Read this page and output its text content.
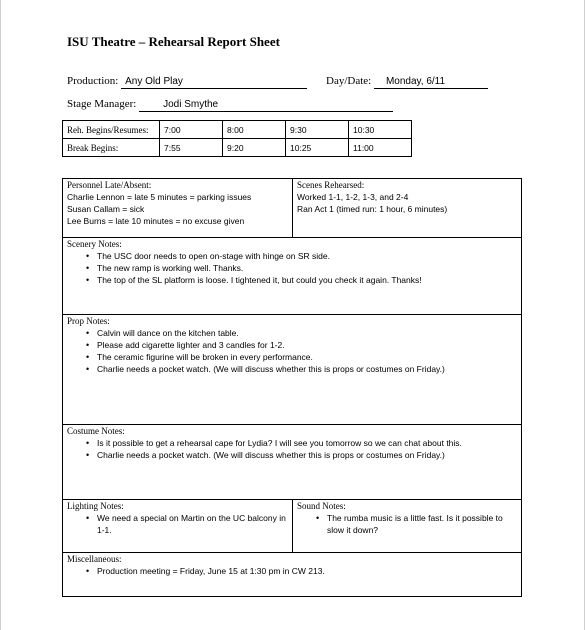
ISU Theatre – Rehearsal Report Sheet
Production: Any Old Play	Day/Date: Monday, 6/11
Stage Manager:	Jodi Smythe
Reh. Begins/Resumes:	7:00	8:00	9:30	10:30
Break Begins:	7:55	9:20	10:25	11:00
Personnel Late/Absent:
Charlie Lennon = late 5 minutes = parking issues
Susan Callam = sick
Lee Burns = late 10 minutes = no excuse given
Scenes Rehearsed:
Worked 1-1, 1-2, 1-3, and 2-4
Ran Act 1 (timed run: 1 hour, 6 minutes)
Scenery Notes:
• The USC door needs to open on-stage with hinge on SR side.
• The new ramp is working well. Thanks.
• The top of the SL platform is loose. I tightened it, but could you check it again. Thanks!
Prop Notes:
• Calvin will dance on the kitchen table.
• Please add cigarette lighter and 3 candles for 1-2.
• The ceramic figurine will be broken in every performance.
• Charlie needs a pocket watch. (We will discuss whether this is props or costumes on Friday.)
Costume Notes:
• Is it possible to get a rehearsal cape for Lydia? I will see you tomorrow so we can chat about this.
• Charlie needs a pocket watch. (We will discuss whether this is props or costumes on Friday.)
Lighting Notes:
• We need a special on Martin on the UC balcony in 1-1.
Sound Notes:
• The rumba music is a little fast. Is it possible to slow it down?
Miscellaneous:
• Production meeting = Friday, June 15 at 1:30 pm in CW 213.
